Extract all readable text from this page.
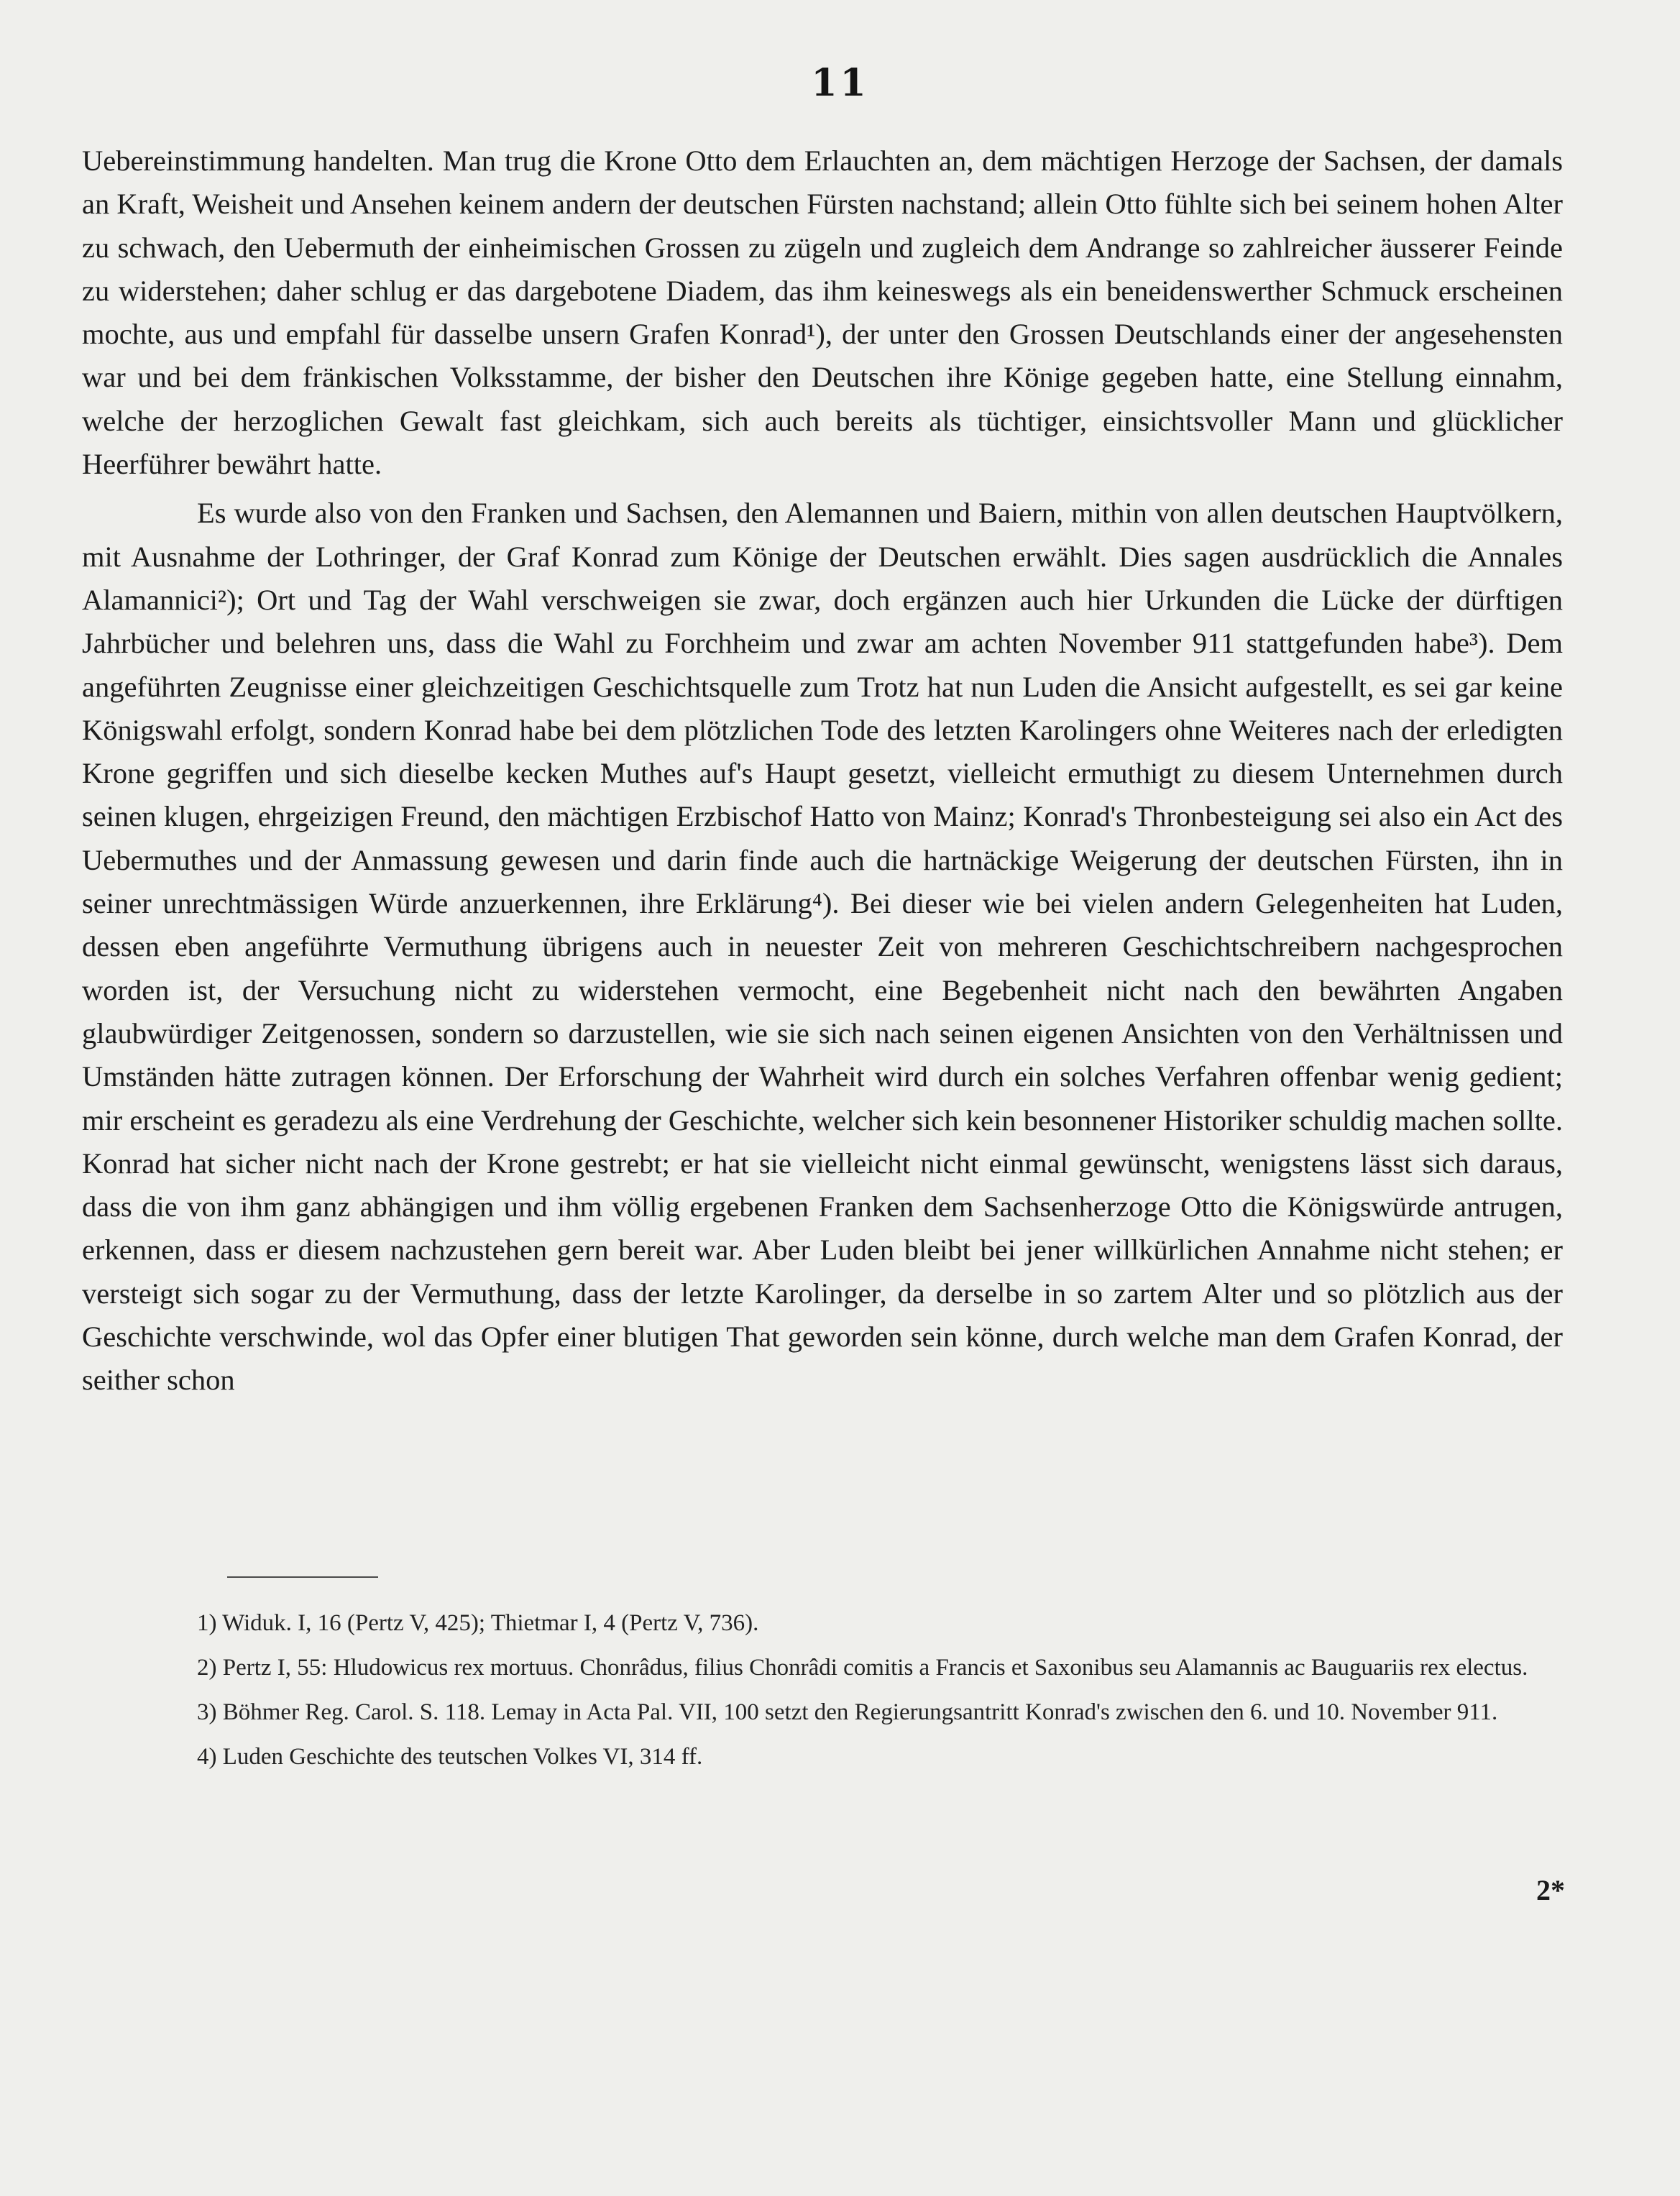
11

Uebereinstimmung handelten. Man trug die Krone Otto dem Erlauchten an, dem mächtigen Herzoge der Sachsen, der damals an Kraft, Weisheit und Ansehen keinem andern der deutschen Fürsten nachstand; allein Otto fühlte sich bei seinem hohen Alter zu schwach, den Uebermuth der einheimischen Grossen zu zügeln und zugleich dem Andrange so zahlreicher äusserer Feinde zu widerstehen; daher schlug er das dargebotene Diadem, das ihm keineswegs als ein beneidenswerther Schmuck erscheinen mochte, aus und empfahl für dasselbe unsern Grafen Konrad¹), der unter den Grossen Deutschlands einer der angesehensten war und bei dem fränkischen Volksstamme, der bisher den Deutschen ihre Könige gegeben hatte, eine Stellung einnahm, welche der herzoglichen Gewalt fast gleichkam, sich auch bereits als tüchtiger, einsichtsvoller Mann und glücklicher Heerführer bewährt hatte.

Es wurde also von den Franken und Sachsen, den Alemannen und Baiern, mithin von allen deutschen Hauptvölkern, mit Ausnahme der Lothringer, der Graf Konrad zum Könige der Deutschen erwählt. Dies sagen ausdrücklich die Annales Alamannici²); Ort und Tag der Wahl verschweigen sie zwar, doch ergänzen auch hier Urkunden die Lücke der dürftigen Jahrbücher und belehren uns, dass die Wahl zu Forchheim und zwar am achten November 911 stattgefunden habe³). Dem angeführten Zeugnisse einer gleichzeitigen Geschichtsquelle zum Trotz hat nun Luden die Ansicht aufgestellt, es sei gar keine Königswahl erfolgt, sondern Konrad habe bei dem plötzlichen Tode des letzten Karolingers ohne Weiteres nach der erledigten Krone gegriffen und sich dieselbe kecken Muthes auf's Haupt gesetzt, vielleicht ermuthigt zu diesem Unternehmen durch seinen klugen, ehrgeizigen Freund, den mächtigen Erzbischof Hatto von Mainz; Konrad's Thronbesteigung sei also ein Act des Uebermuthes und der Anmassung gewesen und darin finde auch die hartnäckige Weigerung der deutschen Fürsten, ihn in seiner unrechtmässigen Würde anzuerkennen, ihre Erklärung⁴). Bei dieser wie bei vielen andern Gelegenheiten hat Luden, dessen eben angeführte Vermuthung übrigens auch in neuester Zeit von mehreren Geschichtschreibern nachgesprochen worden ist, der Versuchung nicht zu widerstehen vermocht, eine Begebenheit nicht nach den bewährten Angaben glaubwürdiger Zeitgenossen, sondern so darzustellen, wie sie sich nach seinen eigenen Ansichten von den Verhältnissen und Umständen hätte zutragen können. Der Erforschung der Wahrheit wird durch ein solches Verfahren offenbar wenig gedient; mir erscheint es geradezu als eine Verdrehung der Geschichte, welcher sich kein besonnener Historiker schuldig machen sollte. Konrad hat sicher nicht nach der Krone gestrebt; er hat sie vielleicht nicht einmal gewünscht, wenigstens lässt sich daraus, dass die von ihm ganz abhängigen und ihm völlig ergebenen Franken dem Sachsenherzoge Otto die Königswürde antrugen, erkennen, dass er diesem nachzustehen gern bereit war. Aber Luden bleibt bei jener willkürlichen Annahme nicht stehen; er versteigt sich sogar zu der Vermuthung, dass der letzte Karolinger, da derselbe in so zartem Alter und so plötzlich aus der Geschichte verschwinde, wol das Opfer einer blutigen That geworden sein könne, durch welche man dem Grafen Konrad, der seither schon

1) Widuk. I, 16 (Pertz V, 425); Thietmar I, 4 (Pertz V, 736).

2) Pertz I, 55: Hludowicus rex mortuus. Chonrâdus, filius Chonrâdi comitis a Francis et Saxonibus seu Alamannis ac Bauguariis rex electus.

3) Böhmer Reg. Carol. S. 118. Lemay in Acta Pal. VII, 100 setzt den Regierungsantritt Konrad's zwischen den 6. und 10. November 911.

4) Luden Geschichte des teutschen Volkes VI, 314 ff.

2*
